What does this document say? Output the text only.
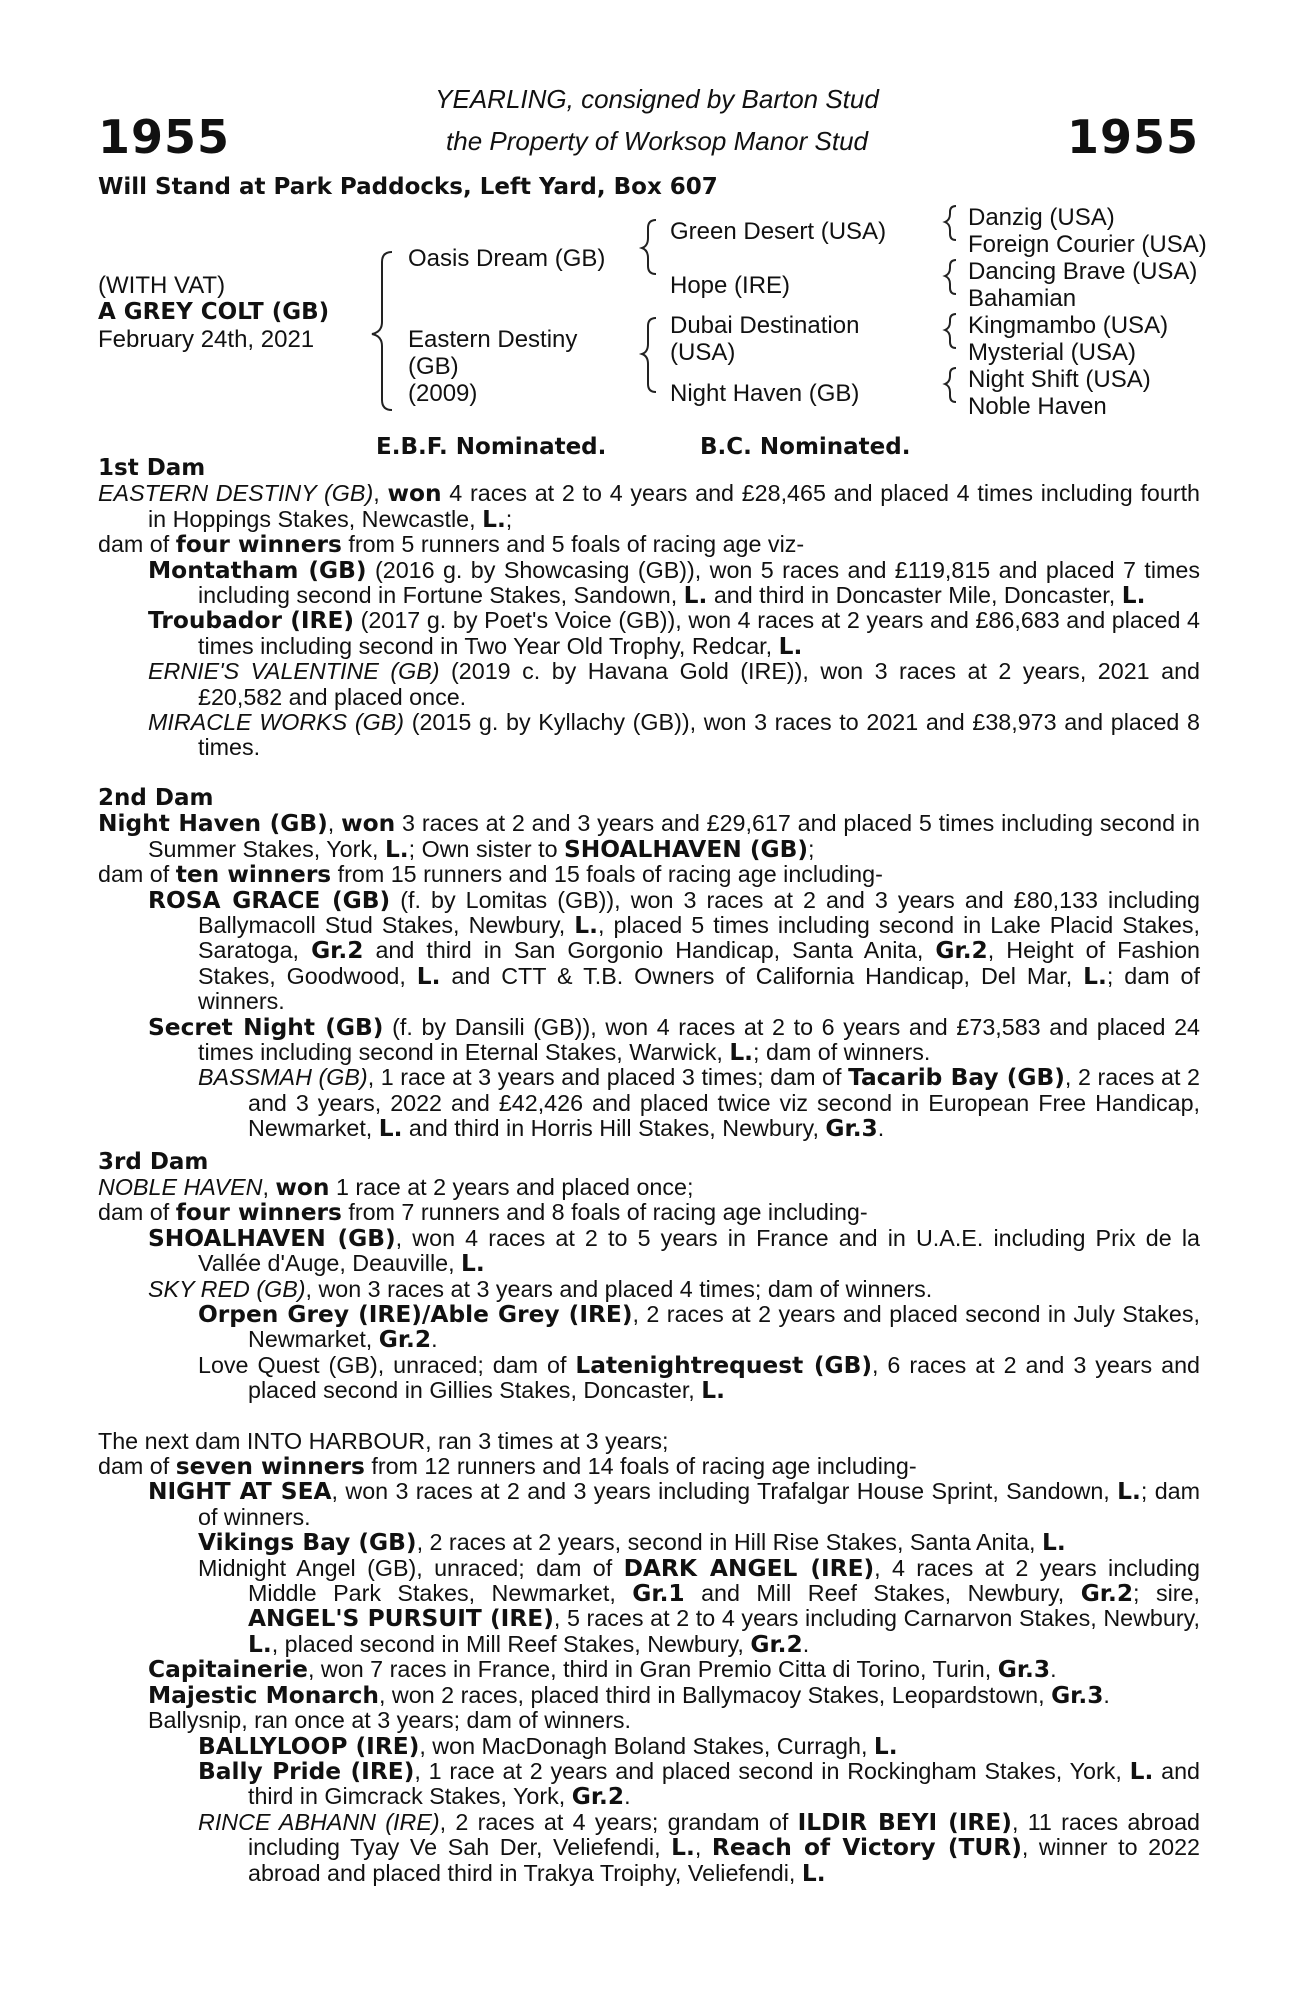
1955	1955
YEARLING, consigned by Barton Stud
the Property of Worksop Manor Stud
Will Stand at Park Paddocks, Left Yard, Box 607
(WITH VAT)
A GREY COLT (GB)
February 24th, 2021
Oasis Dream (GB)
Eastern Destiny
(GB)
(2009)
Green Desert (USA)
Hope (IRE)
Dubai Destination
(USA)
Night Haven (GB)
Danzig (USA)
Foreign Courier (USA)
Dancing Brave (USA)
Bahamian
Kingmambo (USA)
Mysterial (USA)
Night Shift (USA)
Noble Haven
E.B.F. Nominated.	B.C. Nominated.
1st Dam
EASTERN DESTINY (GB), won 4 races at 2 to 4 years and £28,465 and placed 4 times including fourth in Hoppings Stakes, Newcastle, L.;
dam of four winners from 5 runners and 5 foals of racing age viz-
Montatham (GB) (2016 g. by Showcasing (GB)), won 5 races and £119,815 and placed 7 times including second in Fortune Stakes, Sandown, L. and third in Doncaster Mile, Doncaster, L.
Troubador (IRE) (2017 g. by Poet's Voice (GB)), won 4 races at 2 years and £86,683 and placed 4 times including second in Two Year Old Trophy, Redcar, L.
ERNIE'S VALENTINE (GB) (2019 c. by Havana Gold (IRE)), won 3 races at 2 years, 2021 and £20,582 and placed once.
MIRACLE WORKS (GB) (2015 g. by Kyllachy (GB)), won 3 races to 2021 and £38,973 and placed 8 times.
2nd Dam
Night Haven (GB), won 3 races at 2 and 3 years and £29,617 and placed 5 times including second in Summer Stakes, York, L.; Own sister to SHOALHAVEN (GB);
dam of ten winners from 15 runners and 15 foals of racing age including-
ROSA GRACE (GB) (f. by Lomitas (GB)), won 3 races at 2 and 3 years and £80,133 including Ballymacoll Stud Stakes, Newbury, L., placed 5 times including second in Lake Placid Stakes, Saratoga, Gr.2 and third in San Gorgonio Handicap, Santa Anita, Gr.2, Height of Fashion Stakes, Goodwood, L. and CTT & T.B. Owners of California Handicap, Del Mar, L.; dam of winners.
Secret Night (GB) (f. by Dansili (GB)), won 4 races at 2 to 6 years and £73,583 and placed 24 times including second in Eternal Stakes, Warwick, L.; dam of winners.
BASSMAH (GB), 1 race at 3 years and placed 3 times; dam of Tacarib Bay (GB), 2 races at 2 and 3 years, 2022 and £42,426 and placed twice viz second in European Free Handicap, Newmarket, L. and third in Horris Hill Stakes, Newbury, Gr.3.
3rd Dam
NOBLE HAVEN, won 1 race at 2 years and placed once;
dam of four winners from 7 runners and 8 foals of racing age including-
SHOALHAVEN (GB), won 4 races at 2 to 5 years in France and in U.A.E. including Prix de la Vallée d'Auge, Deauville, L.
SKY RED (GB), won 3 races at 3 years and placed 4 times; dam of winners.
Orpen Grey (IRE)/Able Grey (IRE), 2 races at 2 years and placed second in July Stakes, Newmarket, Gr.2.
Love Quest (GB), unraced; dam of Latenightrequest (GB), 6 races at 2 and 3 years and placed second in Gillies Stakes, Doncaster, L.
The next dam INTO HARBOUR, ran 3 times at 3 years;
dam of seven winners from 12 runners and 14 foals of racing age including-
NIGHT AT SEA, won 3 races at 2 and 3 years including Trafalgar House Sprint, Sandown, L.; dam of winners.
Vikings Bay (GB), 2 races at 2 years, second in Hill Rise Stakes, Santa Anita, L.
Midnight Angel (GB), unraced; dam of DARK ANGEL (IRE), 4 races at 2 years including Middle Park Stakes, Newmarket, Gr.1 and Mill Reef Stakes, Newbury, Gr.2; sire, ANGEL'S PURSUIT (IRE), 5 races at 2 to 4 years including Carnarvon Stakes, Newbury, L., placed second in Mill Reef Stakes, Newbury, Gr.2.
Capitainerie, won 7 races in France, third in Gran Premio Citta di Torino, Turin, Gr.3.
Majestic Monarch, won 2 races, placed third in Ballymacoy Stakes, Leopardstown, Gr.3.
Ballysnip, ran once at 3 years; dam of winners.
BALLYLOOP (IRE), won MacDonagh Boland Stakes, Curragh, L.
Bally Pride (IRE), 1 race at 2 years and placed second in Rockingham Stakes, York, L. and third in Gimcrack Stakes, York, Gr.2.
RINCE ABHANN (IRE), 2 races at 4 years; grandam of ILDIR BEYI (IRE), 11 races abroad including Tyay Ve Sah Der, Veliefendi, L., Reach of Victory (TUR), winner to 2022 abroad and placed third in Trakya Troiphy, Veliefendi, L.
